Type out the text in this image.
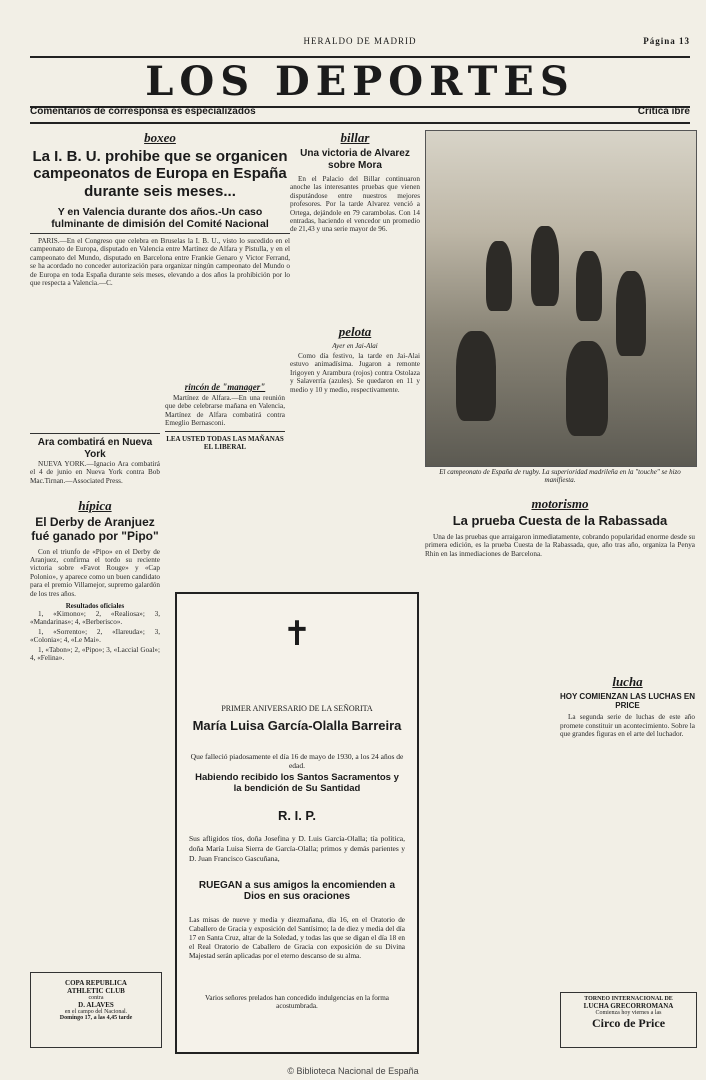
HERALDO DE MADRID	Página 13
LOS DEPORTES
Comentarios de corresponsa es especializados	Crítica ibre
boxeo
La I. B. U. prohibe que se organicen campeonatos de Europa en España durante seis meses...
Y en Valencia durante dos años.-Un caso fulminante de dimisión del Comité Nacional

PARIS.—En el Congreso que celebra en Bruselas la I. B. U., visto lo sucedido en el campeonato de Europa, disputado en Valencia entre Martínez de Alfara y Pistulla, y en el campeonato del Mundo, disputado en Barcelona entre Frankie Genaro y Victor Ferrand, se ha acordado no conceder autorización para organizar ningún campeonato del Mundo o de Europa en toda España durante seis meses, elevando a dos años la prohibición por lo que respecta a Valencia.—C.

Ara combatirá en Nueva York

NUEVA YORK.—Ignacio Ara combatirá el 4 de junio en Nueva York contra Bob Mac.Tirnan.—Associated Press.

hípica
El Derby de Aranjuez fué ganado por "Pipo"

Con el triunfo de «Pipo» en el Derby de Aranjuez, confirma el tordo su reciente victoria sobre «Favot Rouge» y «Cap Polonio», y aparece como un buen candidato para el premio Villamejor, supremo galardón de los tres años.

Resultados oficiales

1, «Kimono»; 2, «Realiosa»; 3, «Mandarinas»; 4, «Berberisco».

1, «Sorrento»; 2, «Ilareuda»; 3, «Colonia»; 4, «Le Mai».

1, «Tabon»; 2, «Pipo»; 3, «Laccial Goal»; 4, «Felina».

COPA REPUBLICA
ATHLETIC CLUB
contra
D. ALAVES
en el campo del Nacional.
Domingo 17, a las 4,45 tarde
billar
Una victoria de Alvarez sobre Mora

En el Palacio del Billar continuaron anoche las interesantes pruebas que vienen disputándose entre nuestros mejores profesores. Por la tarde Alvarez venció a Ortega, dejándole en 79 carambolas. Con 14 entradas, haciendo el vencedor un promedio de 21,43 y una serie mayor de 96.

pelota
Ayer en Jai-Alai

Como día festivo, la tarde en Jai-Alai estuvo animadísima. Jugaron a remonte Irigoyen y Arambura (rojos) contra Ostolaza y Salaverría (azules). Se quedaron en 11 y medio y 10 y medio, respectivamente.

rincón de "manager"

Martínez de Alfara.—En una reunión que debe celebrarse mañana en Valencia, Martínez de Alfara combatirá contra Emeglio Bernasconi.

LEA USTED TODAS LAS MAÑANAS EL LIBERAL
El campeonato de España de rugby. La superioridad madrileña en la "touche" se hizo manifiesta.
motorismo
La prueba Cuesta de la Rabassada

Una de las pruebas que arraigaron inmediatamente, cobrando popularidad enorme desde su primera edición, es la prueba Cuesta de la Rabassada, que, año tras año, organiza la Penya Rhin en las inmediaciones de Barcelona.

lucha
HOY COMIENZAN LAS LUCHAS EN PRICE

La segunda serie de luchas de este año promete constituir un acontecimiento. Sobre la que grandes figuras en el arte del luchador.

TORNEO INTERNACIONAL DE
LUCHA GRECORROMANA
Comienza hoy viernes a las
Circo de Price
✝
PRIMER ANIVERSARIO DE LA SEÑORITA
María Luisa García-Olalla Barreira
Que falleció piadosamente el día 16 de mayo de 1930, a los 24 años de edad.
Habiendo recibido los Santos Sacramentos y la bendición de Su Santidad
R. I. P.
Sus afligidos tíos, doña Josefina y D. Luis García-Olalla; tía política, doña María Luisa Sierra de García-Olalla; primos y demás parientes y D. Juan Francisco Gascuñana,
RUEGAN a sus amigos la encomienden a Dios en sus oraciones
Las misas de nueve y media y diezmañana, día 16, en el Oratorio de Caballero de Gracia y exposición del Santísimo; la de diez y media del día 17 en Santa Cruz, altar de la Soledad, y todas las que se digan el día 18 en el Real Oratorio de Caballero de Gracia con exposición de su Divina Majestad serán aplicadas por el eterno descanso de su alma.
Varios señores prelados han concedido indulgencias en la forma acostumbrada.
© Biblioteca Nacional de España
